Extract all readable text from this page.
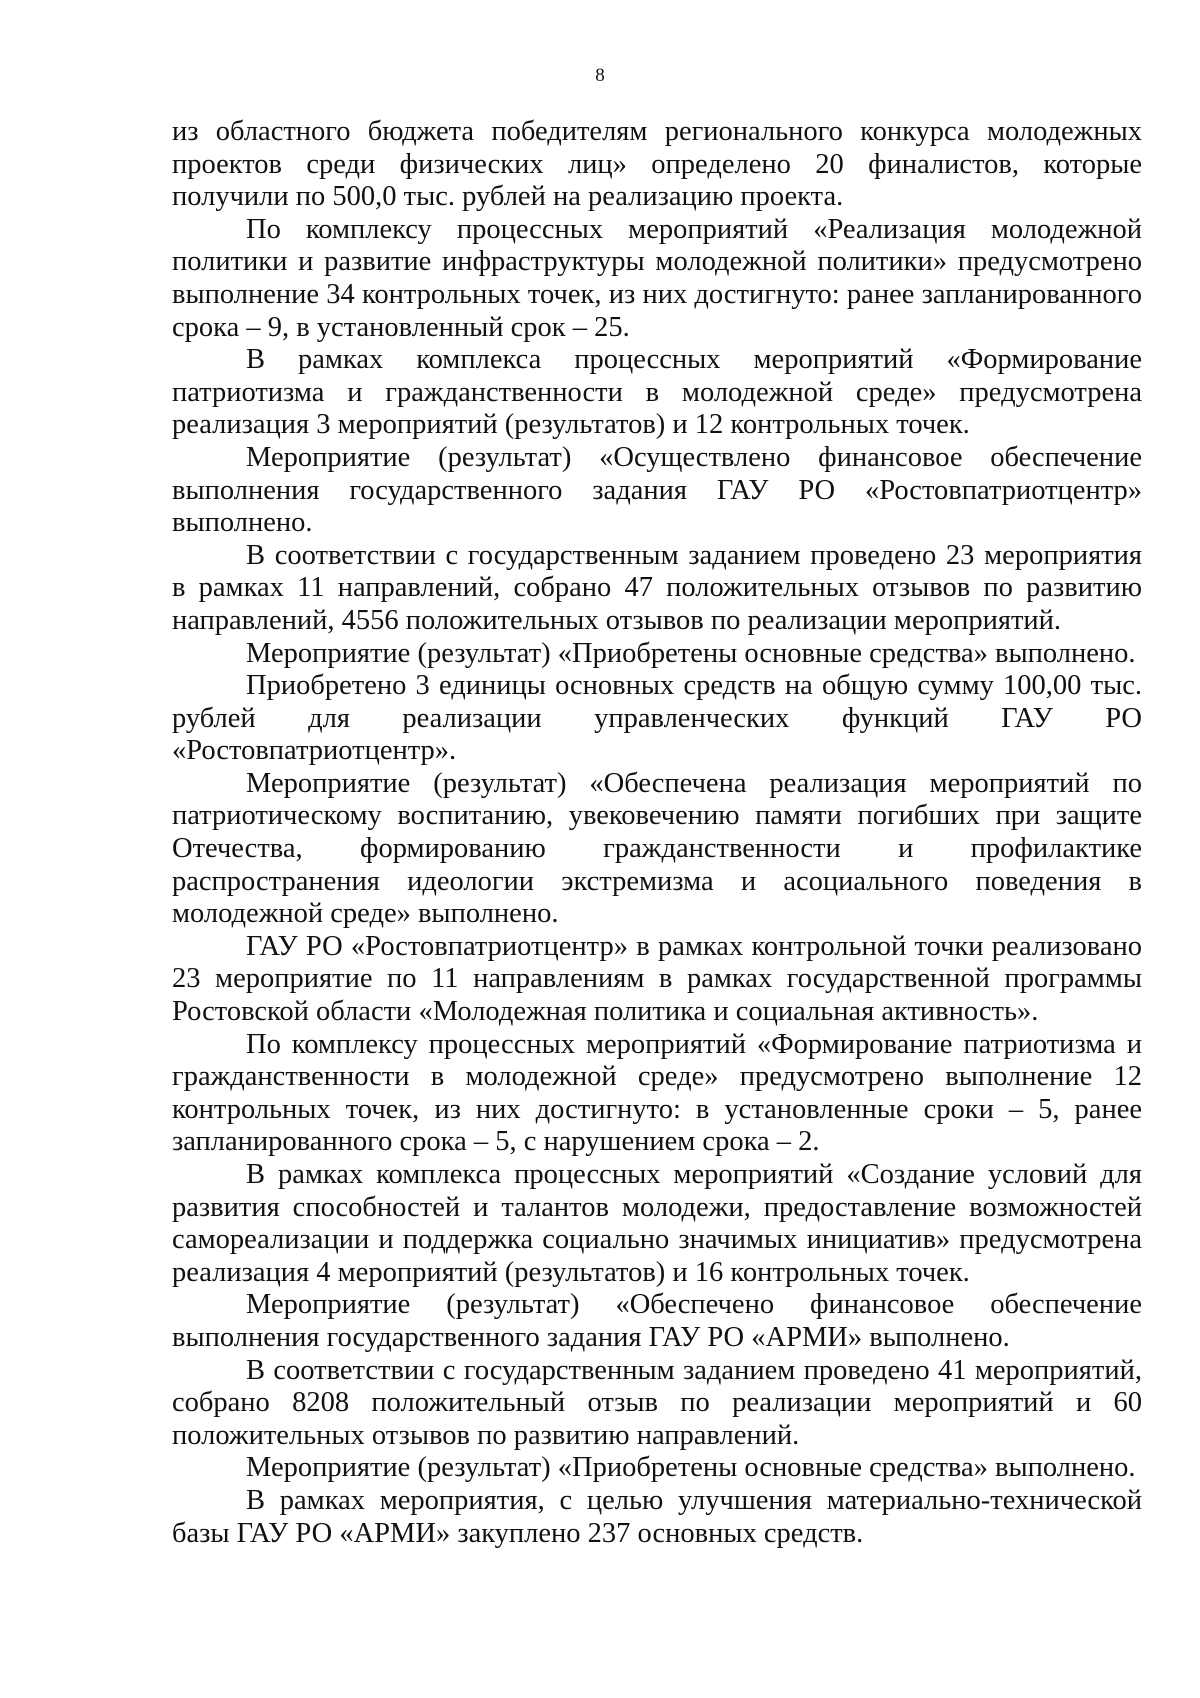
8

из областного бюджета победителям регионального конкурса молодежных проектов среди физических лиц» определено 20 финалистов, которые получили по 500,0 тыс. рублей на реализацию проекта.

По комплексу процессных мероприятий «Реализация молодежной политики и развитие инфраструктуры молодежной политики» предусмотрено выполнение 34 контрольных точек, из них достигнуто: ранее запланированного срока – 9, в установленный срок – 25.

В рамках комплекса процессных мероприятий «Формирование патриотизма и гражданственности в молодежной среде» предусмотрена реализация 3 мероприятий (результатов) и 12 контрольных точек.

Мероприятие (результат) «Осуществлено финансовое обеспечение выполнения государственного задания ГАУ РО «Ростовпатриотцентр» выполнено.

В соответствии с государственным заданием проведено 23 мероприятия в рамках 11 направлений, собрано 47 положительных отзывов по развитию направлений, 4556 положительных отзывов по реализации мероприятий.

Мероприятие (результат) «Приобретены основные средства» выполнено.

Приобретено 3 единицы основных средств на общую сумму 100,00 тыс. рублей для реализации управленческих функций ГАУ РО «Ростовпатриотцентр».

Мероприятие (результат) «Обеспечена реализация мероприятий по патриотическому воспитанию, увековечению памяти погибших при защите Отечества, формированию гражданственности и профилактике распространения идеологии экстремизма и асоциального поведения в молодежной среде» выполнено.

ГАУ РО «Ростовпатриотцентр» в рамках контрольной точки реализовано 23 мероприятие по 11 направлениям в рамках государственной программы Ростовской области «Молодежная политика и социальная активность».

По комплексу процессных мероприятий «Формирование патриотизма и гражданственности в молодежной среде» предусмотрено выполнение 12 контрольных точек, из них достигнуто: в установленные сроки – 5, ранее запланированного срока – 5, с нарушением срока – 2.

В рамках комплекса процессных мероприятий «Создание условий для развития способностей и талантов молодежи, предоставление возможностей самореализации и поддержка социально значимых инициатив» предусмотрена реализация 4 мероприятий (результатов) и 16 контрольных точек.

Мероприятие (результат) «Обеспечено финансовое обеспечение выполнения государственного задания ГАУ РО «АРМИ» выполнено.

В соответствии с государственным заданием проведено 41 мероприятий, собрано 8208 положительный отзыв по реализации мероприятий и 60 положительных отзывов по развитию направлений.

Мероприятие (результат) «Приобретены основные средства» выполнено.

В рамках мероприятия, с целью улучшения материально-технической базы ГАУ РО «АРМИ» закуплено 237 основных средств.
